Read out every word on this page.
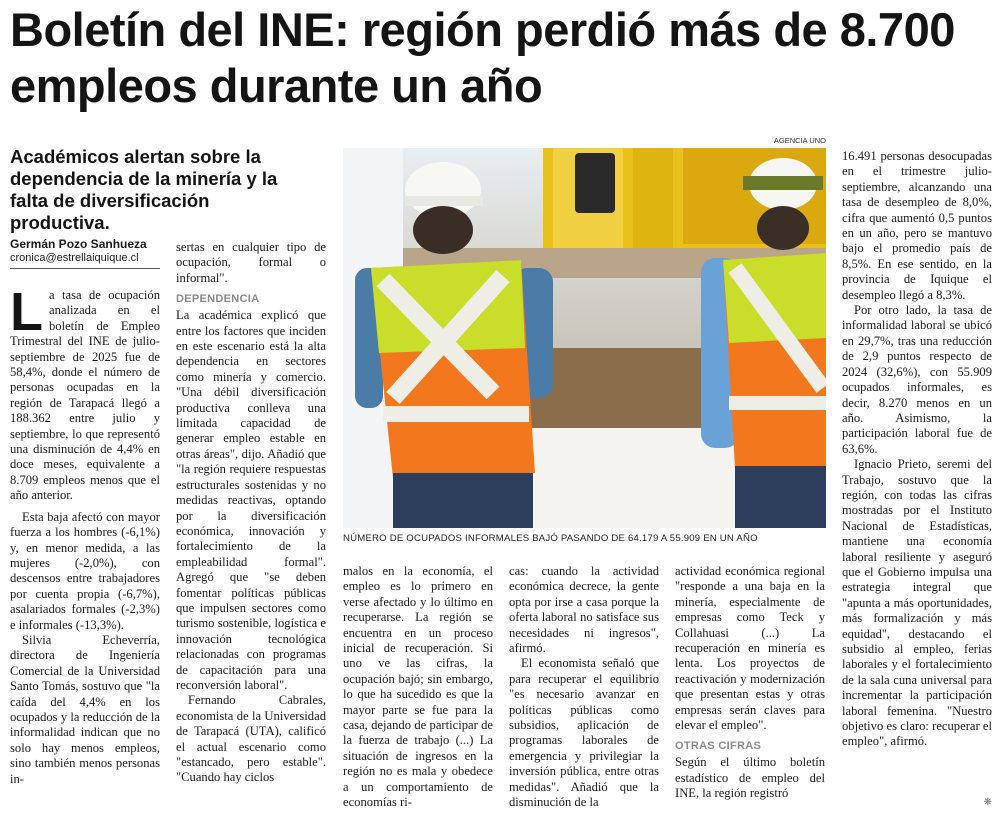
Boletín del INE: región perdió más de 8.700 empleos durante un año
Académicos alertan sobre la dependencia de la minería y la falta de diversificación productiva.
Germán Pozo Sanhueza
cronica@estrellaiquique.cl

La tasa de ocupación analizada en el boletín de Empleo Trimestral del INE de julio-septiembre de 2025 fue de 58,4%, donde el número de personas ocupadas en la región de Tarapacá llegó a 188.362 entre julio y septiembre, lo que representó una disminución de 4,4% en doce meses, equivalente a 8.709 empleos menos que el año anterior.

Esta baja afectó con mayor fuerza a los hombres (-6,1%) y, en menor medida, a las mujeres (-2,0%), con descensos entre trabajadores por cuenta propia (-6,7%), asalariados formales (-2,3%) e informales (-13,3%).

Silvia Echeverría, directora de Ingeniería Comercial de la Universidad Santo Tomás, sostuvo que "la caída del 4,4% en los ocupados y la reducción de la informalidad indican que no solo hay menos empleos, sino también menos personas in-

sertas en cualquier tipo de ocupación, formal o informal".

DEPENDENCIA

La académica explicó que entre los factores que inciden en este escenario está la alta dependencia en sectores como minería y comercio. "Una débil diversificación productiva conlleva una limitada capacidad de generar empleo estable en otras áreas", dijo. Añadió que "la región requiere respuestas estructurales sostenidas y no medidas reactivas, optando por la diversificación económica, innovación y fortalecimiento de la empleabilidad formal". Agregó que "se deben fomentar políticas públicas que impulsen sectores como turismo sostenible, logística e innovación tecnológica relacionadas con programas de capacitación para una reconversión laboral".

Fernando Cabrales, economista de la Universidad de Tarapacá (UTA), calificó el actual escenario como "estancado, pero estable". "Cuando hay ciclos

AGENCIA UNO
NÚMERO DE OCUPADOS INFORMALES BAJÓ PASANDO DE 64.179 A 55.909 EN UN AÑO

malos en la economía, el empleo es lo primero en verse afectado y lo último en recuperarse. La región se encuentra en un proceso inicial de recuperación. Si uno ve las cifras, la ocupación bajó; sin embargo, lo que ha sucedido es que la mayor parte se fue para la casa, dejando de participar de la fuerza de trabajo (...) La situación de ingresos en la región no es mala y obedece a un comportamiento de economías ri-

cas: cuando la actividad económica decrece, la gente opta por irse a casa porque la oferta laboral no satisface sus necesidades ni ingresos", afirmó.

El economista señaló que para recuperar el equilibrio "es necesario avanzar en políticas públicas como subsidios, aplicación de programas laborales de emergencia y privilegiar la inversión pública, entre otras medidas". Añadió que la disminución de la

actividad económica regional "responde a una baja en la minería, especialmente de empresas como Teck y Collahuasi (...) La recuperación en minería es lenta. Los proyectos de reactivación y modernización que presentan estas y otras empresas serán claves para elevar el empleo".

OTRAS CIFRAS

Según el último boletín estadístico de empleo del INE, la región registró

16.491 personas desocupadas en el trimestre julio-septiembre, alcanzando una tasa de desempleo de 8,0%, cifra que aumentó 0,5 puntos en un año, pero se mantuvo bajo el promedio país de 8,5%. En ese sentido, en la provincia de Iquique el desempleo llegó a 8,3%.

Por otro lado, la tasa de informalidad laboral se ubicó en 29,7%, tras una reducción de 2,9 puntos respecto de 2024 (32,6%), con 55.909 ocupados informales, es decir, 8.270 menos en un año. Asimismo, la participación laboral fue de 63,6%.

Ignacio Prieto, seremi del Trabajo, sostuvo que la región, con todas las cifras mostradas por el Instituto Nacional de Estadísticas, mantiene una economía laboral resiliente y aseguró que el Gobierno impulsa una estrategia integral que "apunta a más oportunidades, más formalización y más equidad", destacando el subsidio al empleo, ferias laborales y el fortalecimiento de la sala cuna universal para incrementar la participación laboral femenina. "Nuestro objetivo es claro: recuperar el empleo", afirmó.

❋
